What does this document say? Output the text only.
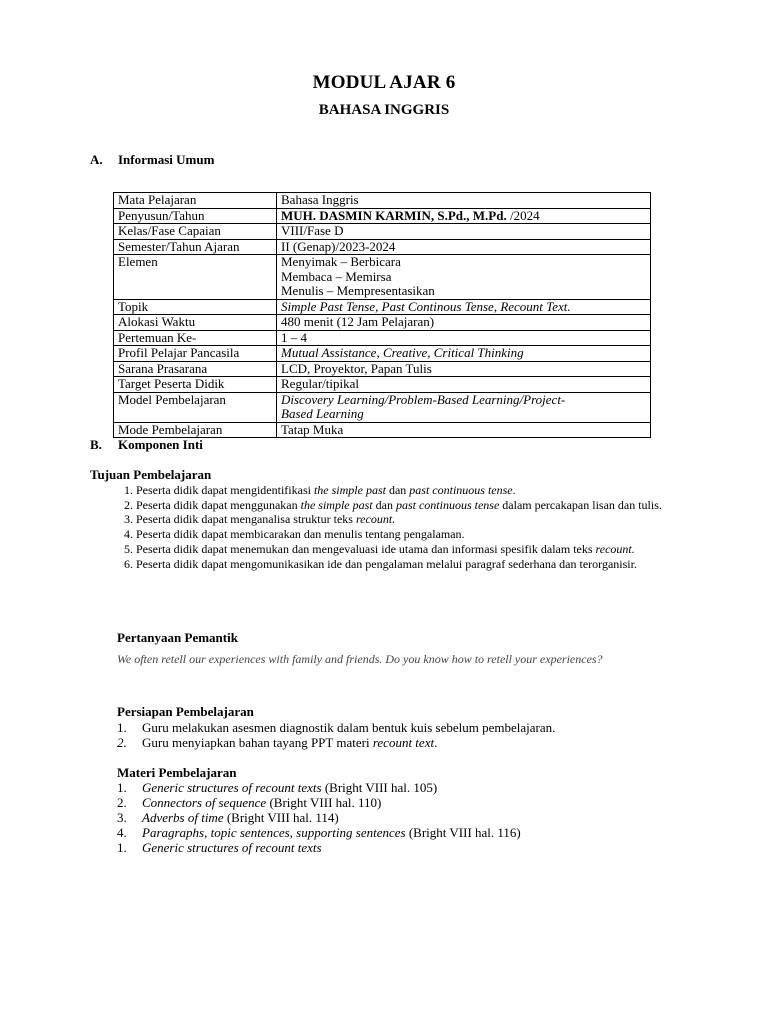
MODUL AJAR 6
BAHASA INGGRIS
A. Informasi Umum
Mata Pelajaran	Bahasa Inggris
Penyusun/Tahun	MUH. DASMIN KARMIN, S.Pd., M.Pd. /2024
Kelas/Fase Capaian	VIII/Fase D
Semester/Tahun Ajaran	II (Genap)/2023-2024
Elemen	Menyimak – Berbicara
Membaca – Memirsa
Menulis – Mempresentasikan

Topik	Simple Past Tense, Past Continous Tense, Recount Text.
Alokasi Waktu	480 menit (12 Jam Pelajaran)
Pertemuan Ke-	1 – 4
Profil Pelajar Pancasila	Mutual Assistance, Creative, Critical Thinking
Sarana Prasarana	LCD, Proyektor, Papan Tulis
Target Peserta Didik	Regular/tipikal
Model Pembelajaran	Discovery Learning/Problem-Based Learning/Project-
Based Learning

Mode Pembelajaran	Tatap Muka
B. Komponen Inti
Tujuan Pembelajaran
1. Peserta didik dapat mengidentifikasi the simple past dan past continuous tense.
2. Peserta didik dapat menggunakan the simple past dan past continuous tense dalam percakapan lisan dan tulis.
3. Peserta didik dapat menganalisa struktur teks recount.
4. Peserta didik dapat membicarakan dan menulis tentang pengalaman.
5. Peserta didik dapat menemukan dan mengevaluasi ide utama dan informasi spesifik dalam teks recount.
6. Peserta didik dapat mengomunikasikan ide dan pengalaman melalui paragraf sederhana dan terorganisir.
Pertanyaan Pemantik
We often retell our experiences with family and friends. Do you know how to retell your experiences?
Persiapan Pembelajaran
1. Guru melakukan asesmen diagnostik dalam bentuk kuis sebelum pembelajaran.
2. Guru menyiapkan bahan tayang PPT materi recount text.
Materi Pembelajaran
1. Generic structures of recount texts (Bright VIII hal. 105)
2. Connectors of sequence (Bright VIII hal. 110)
3. Adverbs of time (Bright VIII hal. 114)
4. Paragraphs, topic sentences, supporting sentences (Bright VIII hal. 116)
1. Generic structures of recount texts
